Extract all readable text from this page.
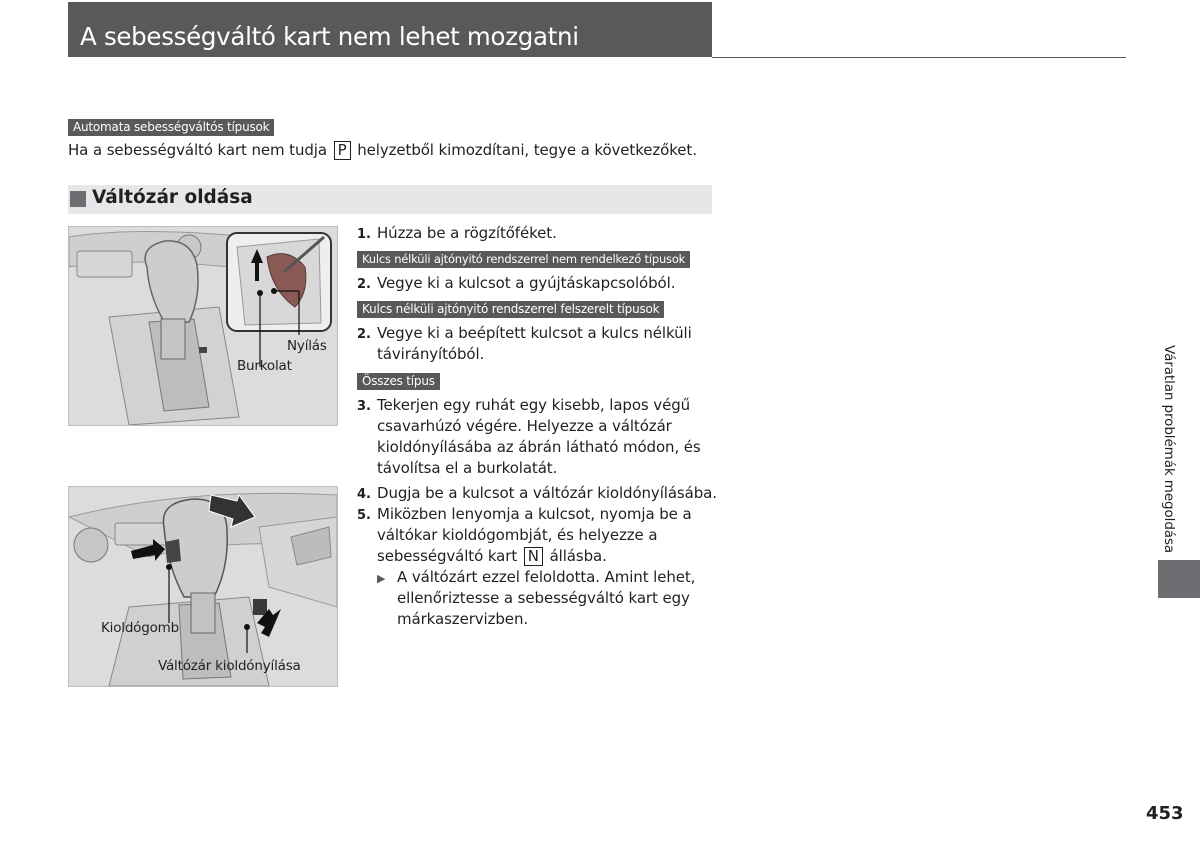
A sebességváltó kart nem lehet mozgatni
Automata sebességváltós típusok
Ha a sebességváltó kart nem tudja P helyzetből kimozdítani, tegye a következőket.
Váltózár oldása
Nyílás
Burkolat
Kioldógomb
Váltózár kioldónyílása
1. Húzza be a rögzítőféket.
Kulcs nélküli ajtónyitó rendszerrel nem rendelkező típusok
2. Vegye ki a kulcsot a gyújtáskapcsolóból.
Kulcs nélküli ajtónyitó rendszerrel felszerelt típusok
2. Vegye ki a beépített kulcsot a kulcs nélküli
távirányítóból.
Összes típus
3. Tekerjen egy ruhát egy kisebb, lapos végű
csavarhúzó végére. Helyezze a váltózár
kioldónyílásába az ábrán látható módon, és
távolítsa el a burkolatát.
4. Dugja be a kulcsot a váltózár kioldónyílásába.
5. Miközben lenyomja a kulcsot, nyomja be a
váltókar kioldógombját, és helyezze a
sebességváltó kart N állásba.
▶ A váltózárt ezzel feloldotta. Amint lehet,
ellenőriztesse a sebességváltó kart egy
márkaszervizben.
Váratlan problémák megoldása
453
